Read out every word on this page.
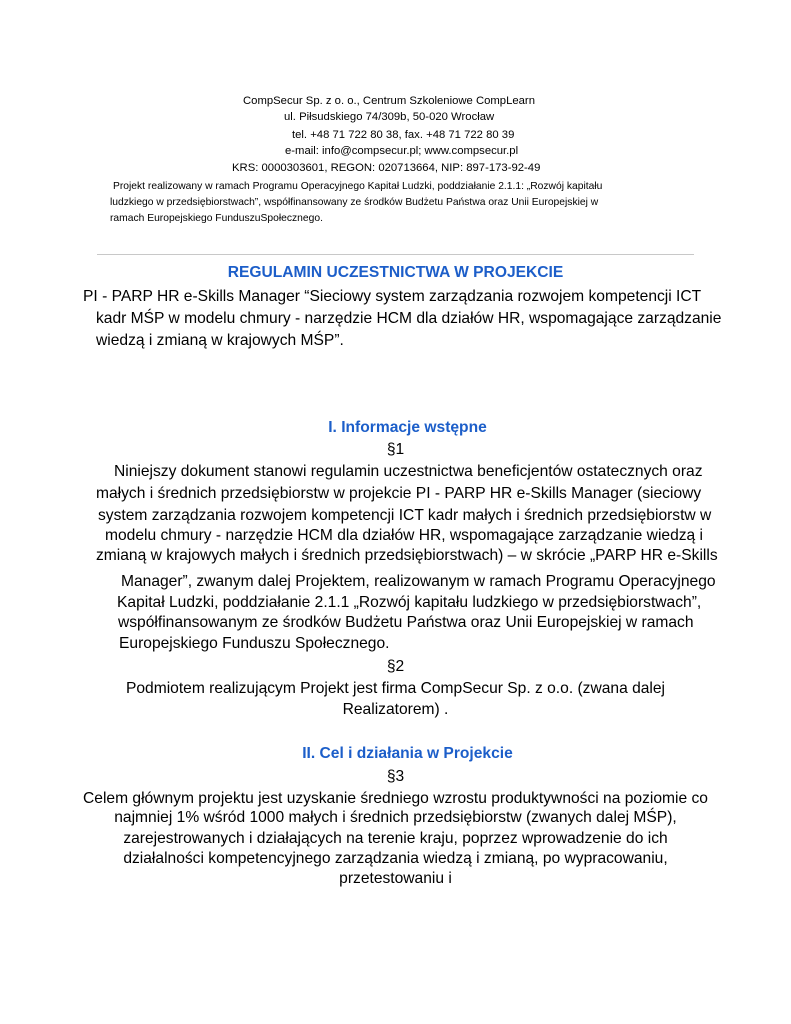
CompSecur Sp. z o. o., Centrum Szkoleniowe CompLearn
ul. Piłsudskiego 74/309b, 50-020 Wrocław
tel. +48 71 722 80 38, fax. +48 71 722 80 39
e-mail: info@compsecur.pl; www.compsecur.pl
KRS: 0000303601, REGON: 020713664, NIP: 897-173-92-49
Projekt realizowany w ramach Programu Operacyjnego Kapitał Ludzki, poddziałanie 2.1.1: „Rozwój kapitału
ludzkiego w przedsiębiorstwach”, współfinansowany ze środków Budżetu Państwa oraz Unii Europejskiej w
ramach Europejskiego FunduszuSpołecznego.
REGULAMIN UCZESTNICTWA W PROJEKCIE
PI - PARP HR e-Skills Manager “Sieciowy system zarządzania rozwojem kompetencji ICT
kadr MŚP w modelu chmury - narzędzie HCM dla działów HR, wspomagające zarządzanie
wiedzą i zmianą w krajowych MŚP”.
I. Informacje wstępne
§1
Niniejszy dokument stanowi regulamin uczestnictwa beneficjentów ostatecznych oraz
małych i średnich przedsiębiorstw w projekcie PI - PARP HR e-Skills Manager (sieciowy
system zarządzania rozwojem kompetencji ICT kadr małych i średnich przedsiębiorstw w
modelu chmury - narzędzie HCM dla działów HR, wspomagające zarządzanie wiedzą i
zmianą w krajowych małych i średnich przedsiębiorstwach) – w skrócie „PARP HR e-Skills
Manager”, zwanym dalej Projektem, realizowanym w ramach Programu Operacyjnego
Kapitał Ludzki, poddziałanie 2.1.1 „Rozwój kapitału ludzkiego w przedsiębiorstwach”,
współfinansowanym ze środków Budżetu Państwa oraz Unii Europejskiej w ramach
Europejskiego Funduszu Społecznego.
§2
Podmiotem realizującym Projekt jest firma CompSecur Sp. z o.o. (zwana dalej
Realizatorem) .
II. Cel i działania w Projekcie
§3
Celem głównym projektu jest uzyskanie średniego wzrostu produktywności na poziomie co
najmniej 1% wśród 1000 małych i średnich przedsiębiorstw (zwanych dalej MŚP),
zarejestrowanych i działających na terenie kraju, poprzez wprowadzenie do ich
działalności kompetencyjnego zarządzania wiedzą i zmianą, po wypracowaniu,
przetestowaniu i
